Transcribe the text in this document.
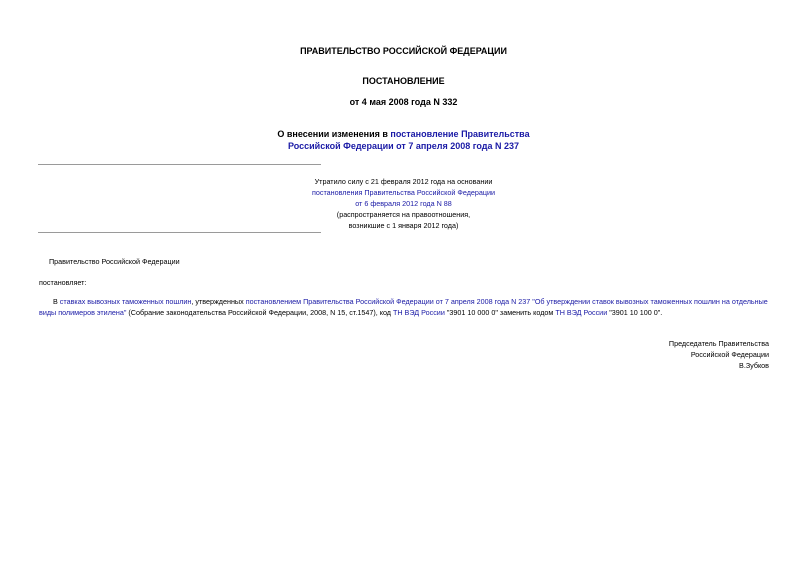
ПРАВИТЕЛЬСТВО РОССИЙСКОЙ ФЕДЕРАЦИИ
ПОСТАНОВЛЕНИЕ
от 4 мая 2008 года N 332
О внесении изменения в постановление Правительства
Российской Федерации от 7 апреля 2008 года N 237
Утратило силу с 21 февраля 2012 года на основании
постановления Правительства Российской Федерации
от 6 февраля 2012 года N 88
(распространяется на правоотношения,
возникшие с 1 января 2012 года)
Правительство Российской Федерации
постановляет:
В ставках вывозных таможенных пошлин, утвержденных постановлением Правительства Российской Федерации от 7 апреля 2008 года N 237 "Об утверждении ставок вывозных таможенных пошлин на отдельные виды полимеров этилена" (Собрание законодательства Российской Федерации, 2008, N 15, ст.1547), код ТН ВЭД России "3901 10 000 0" заменить кодом ТН ВЭД России "3901 10 100 0".
Председатель Правительства
Российской Федерации
В.Зубков
